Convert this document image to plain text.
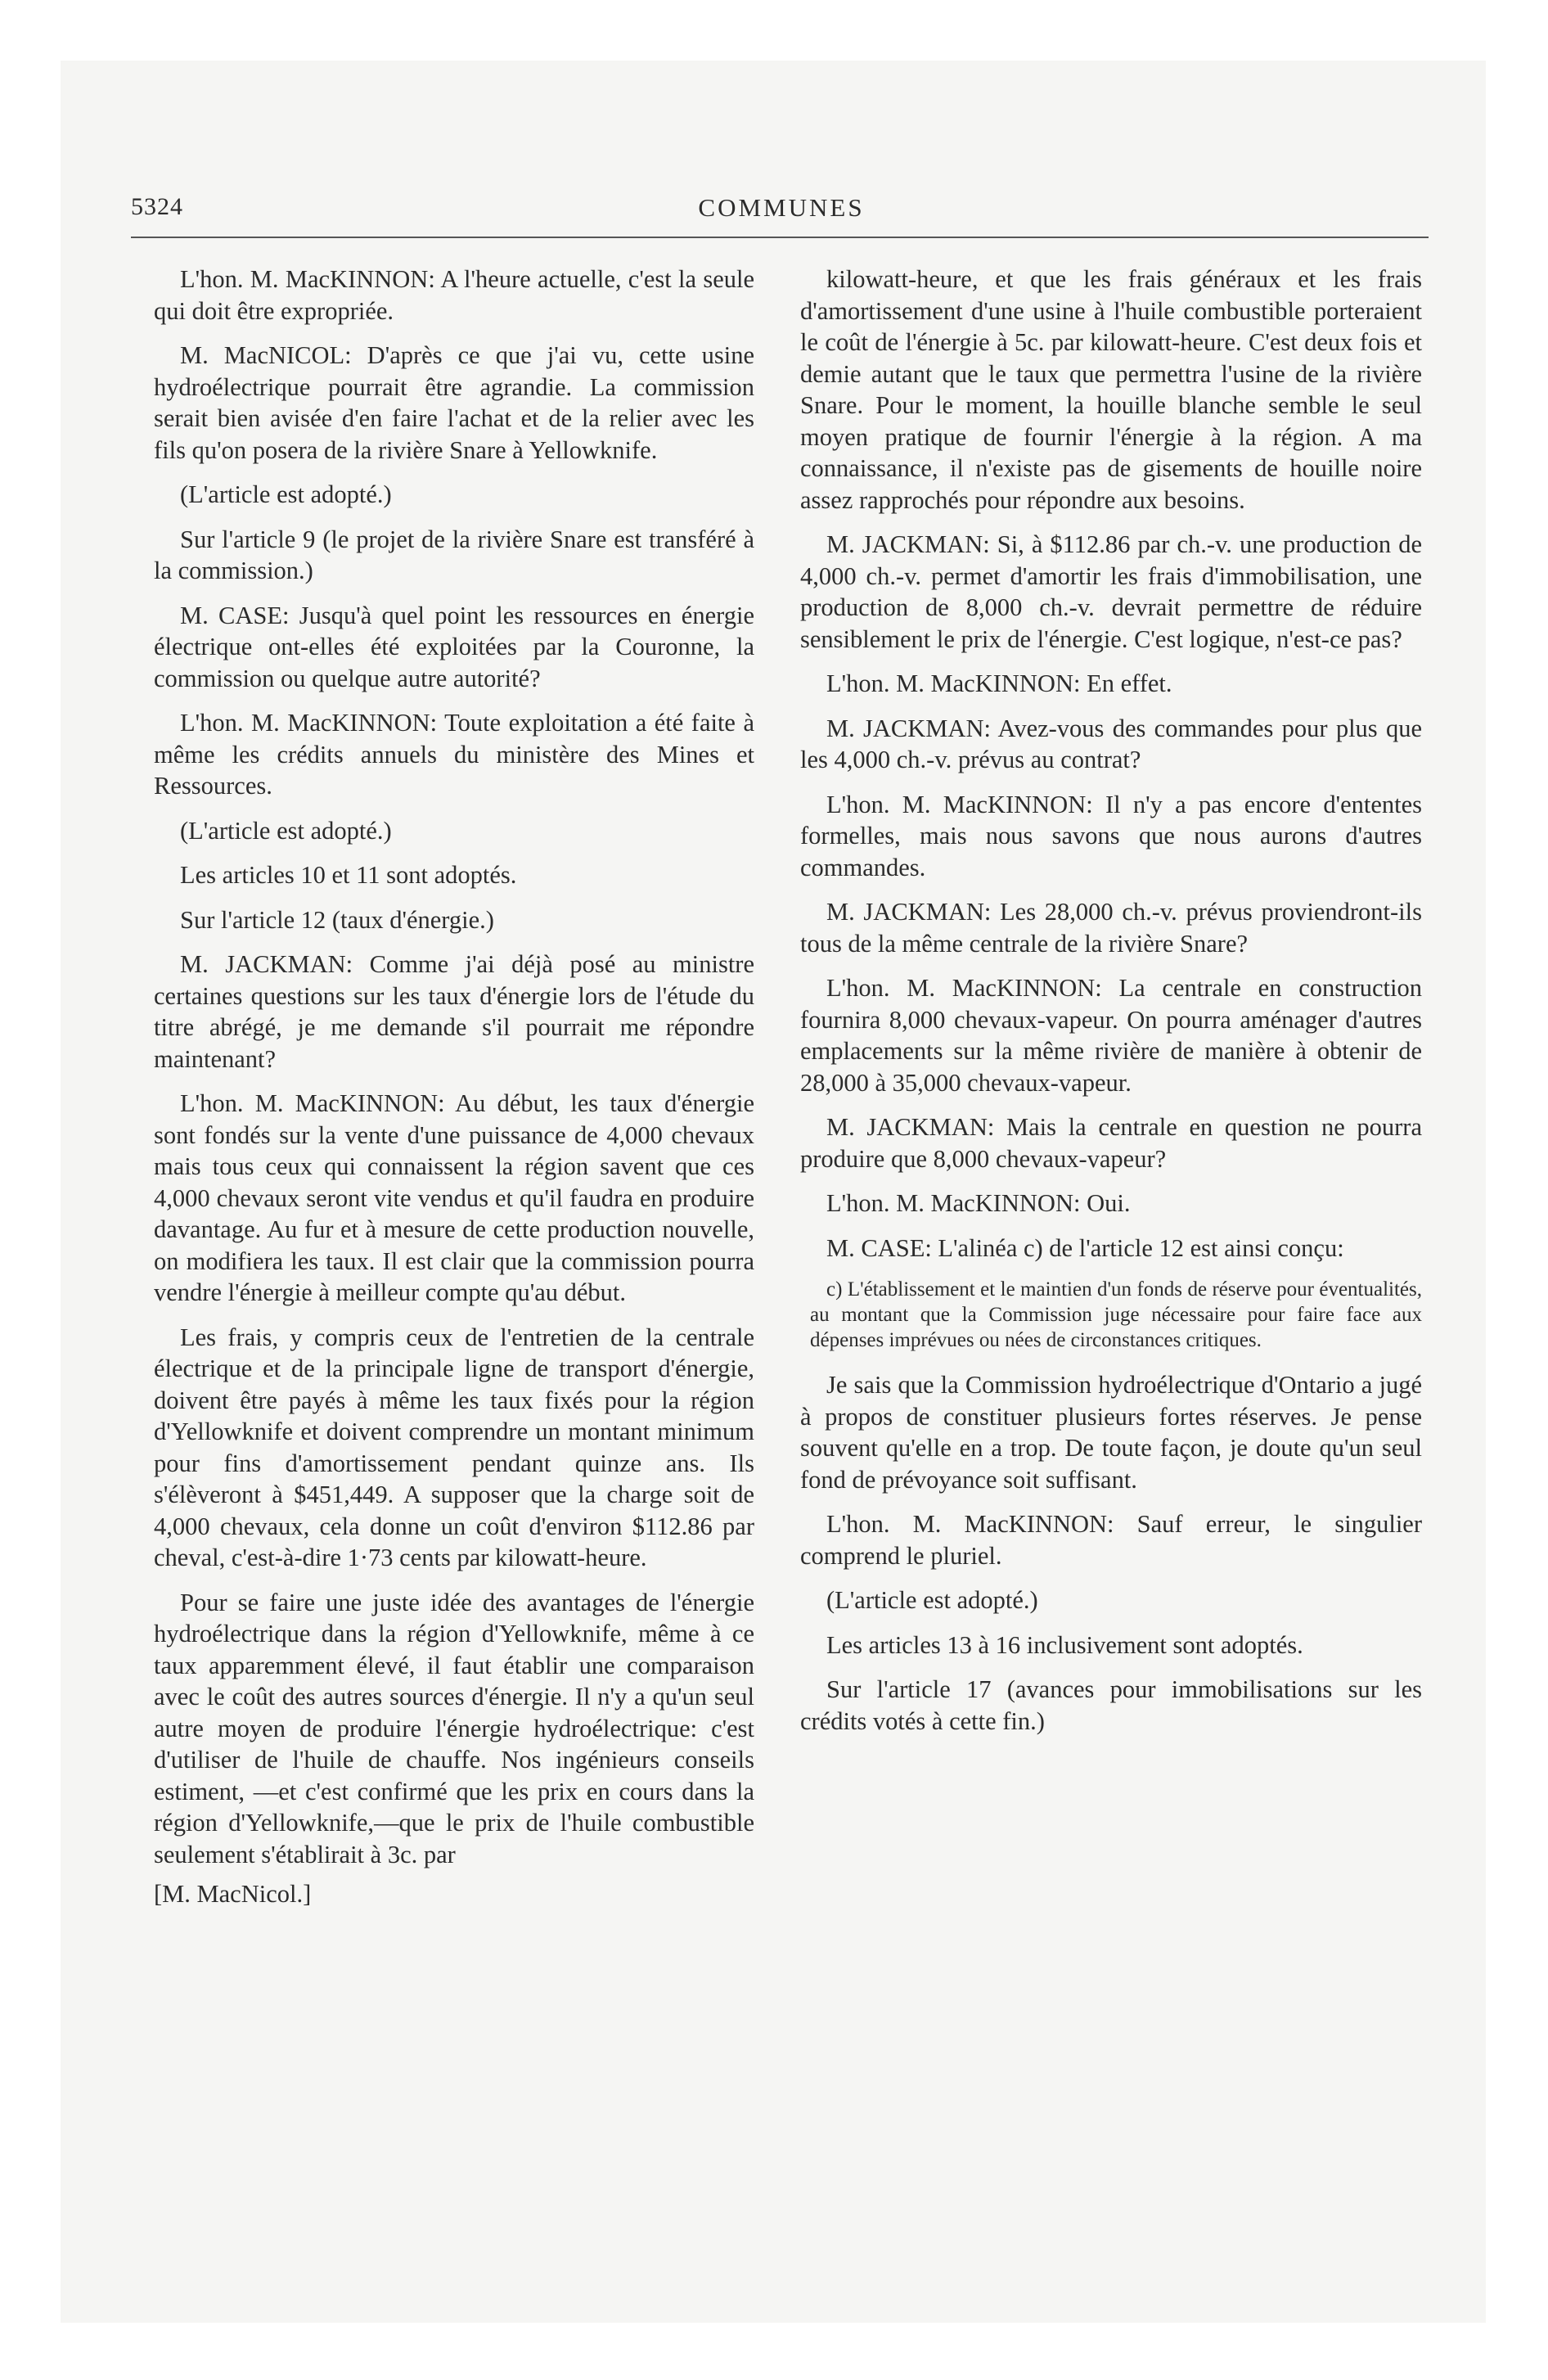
5324	COMMUNES

L'hon. M. MacKINNON: A l'heure actuelle, c'est la seule qui doit être expropriée.

M. MacNICOL: D'après ce que j'ai vu, cette usine hydroélectrique pourrait être agrandie. La commission serait bien avisée d'en faire l'achat et de la relier avec les fils qu'on posera de la rivière Snare à Yellowknife.

(L'article est adopté.)

Sur l'article 9 (le projet de la rivière Snare est transféré à la commission.)

M. CASE: Jusqu'à quel point les ressources en énergie électrique ont-elles été exploitées par la Couronne, la commission ou quelque autre autorité?

L'hon. M. MacKINNON: Toute exploitation a été faite à même les crédits annuels du ministère des Mines et Ressources.

(L'article est adopté.)

Les articles 10 et 11 sont adoptés.

Sur l'article 12 (taux d'énergie.)

M. JACKMAN: Comme j'ai déjà posé au ministre certaines questions sur les taux d'énergie lors de l'étude du titre abrégé, je me demande s'il pourrait me répondre maintenant?

L'hon. M. MacKINNON: Au début, les taux d'énergie sont fondés sur la vente d'une puissance de 4,000 chevaux mais tous ceux qui connaissent la région savent que ces 4,000 chevaux seront vite vendus et qu'il faudra en produire davantage. Au fur et à mesure de cette production nouvelle, on modifiera les taux. Il est clair que la commission pourra vendre l'énergie à meilleur compte qu'au début.

Les frais, y compris ceux de l'entretien de la centrale électrique et de la principale ligne de transport d'énergie, doivent être payés à même les taux fixés pour la région d'Yellowknife et doivent comprendre un montant minimum pour fins d'amortissement pendant quinze ans. Ils s'élèveront à $451,449. A supposer que la charge soit de 4,000 chevaux, cela donne un coût d'environ $112.86 par cheval, c'est-à-dire 1·73 cents par kilowatt-heure.

Pour se faire une juste idée des avantages de l'énergie hydroélectrique dans la région d'Yellowknife, même à ce taux apparemment élevé, il faut établir une comparaison avec le coût des autres sources d'énergie. Il n'y a qu'un seul autre moyen de produire l'énergie hydroélectrique: c'est d'utiliser de l'huile de chauffe. Nos ingénieurs conseils estiment, —et c'est confirmé que les prix en cours dans la région d'Yellowknife,—que le prix de l'huile combustible seulement s'établirait à 3c. par

[M. MacNicol.]

kilowatt-heure, et que les frais généraux et les frais d'amortissement d'une usine à l'huile combustible porteraient le coût de l'énergie à 5c. par kilowatt-heure. C'est deux fois et demie autant que le taux que permettra l'usine de la rivière Snare. Pour le moment, la houille blanche semble le seul moyen pratique de fournir l'énergie à la région. A ma connaissance, il n'existe pas de gisements de houille noire assez rapprochés pour répondre aux besoins.

M. JACKMAN: Si, à $112.86 par ch.-v. une production de 4,000 ch.-v. permet d'amortir les frais d'immobilisation, une production de 8,000 ch.-v. devrait permettre de réduire sensiblement le prix de l'énergie. C'est logique, n'est-ce pas?

L'hon. M. MacKINNON: En effet.

M. JACKMAN: Avez-vous des commandes pour plus que les 4,000 ch.-v. prévus au contrat?

L'hon. M. MacKINNON: Il n'y a pas encore d'ententes formelles, mais nous savons que nous aurons d'autres commandes.

M. JACKMAN: Les 28,000 ch.-v. prévus proviendront-ils tous de la même centrale de la rivière Snare?

L'hon. M. MacKINNON: La centrale en construction fournira 8,000 chevaux-vapeur. On pourra aménager d'autres emplacements sur la même rivière de manière à obtenir de 28,000 à 35,000 chevaux-vapeur.

M. JACKMAN: Mais la centrale en question ne pourra produire que 8,000 chevaux-vapeur?

L'hon. M. MacKINNON: Oui.

M. CASE: L'alinéa c) de l'article 12 est ainsi conçu:

c) L'établissement et le maintien d'un fonds de réserve pour éventualités, au montant que la Commission juge nécessaire pour faire face aux dépenses imprévues ou nées de circonstances critiques.

Je sais que la Commission hydroélectrique d'Ontario a jugé à propos de constituer plusieurs fortes réserves. Je pense souvent qu'elle en a trop. De toute façon, je doute qu'un seul fond de prévoyance soit suffisant.

L'hon. M. MacKINNON: Sauf erreur, le singulier comprend le pluriel.

(L'article est adopté.)

Les articles 13 à 16 inclusivement sont adoptés.

Sur l'article 17 (avances pour immobilisations sur les crédits votés à cette fin.)
